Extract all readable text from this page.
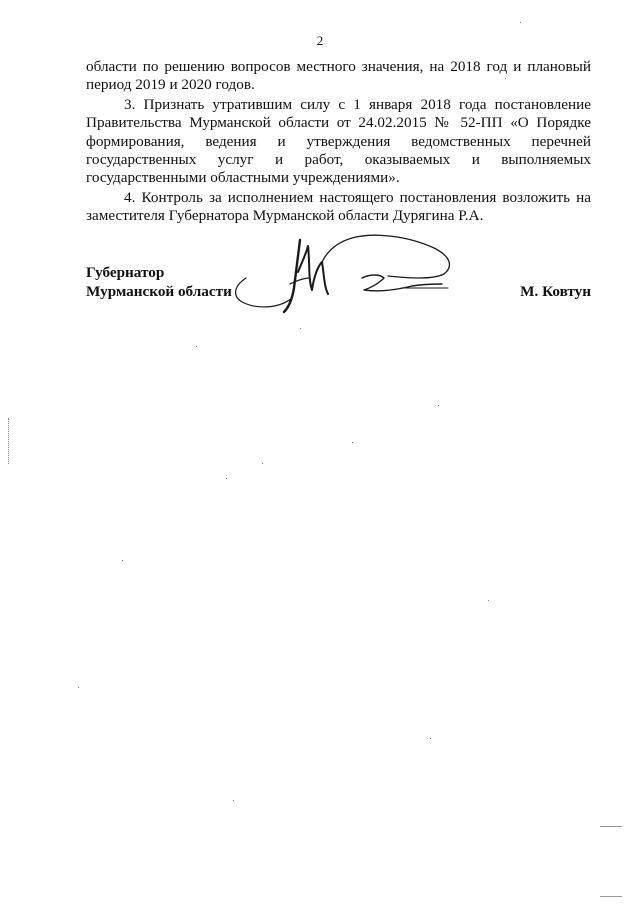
2

области по решению вопросов местного значения, на 2018 год и плановый период 2019 и 2020 годов.

3. Признать утратившим силу с 1 января 2018 года постановление Правительства Мурманской области от 24.02.2015 № 52-ПП «О Порядке формирования, ведения и утверждения ведомственных перечней государственных услуг и работ, оказываемых и выполняемых государственными областными учреждениями».

4. Контроль за исполнением настоящего постановления возложить на заместителя Губернатора Мурманской области Дурягина Р.А.

Губернатор
Мурманской области	М. Ковтун
